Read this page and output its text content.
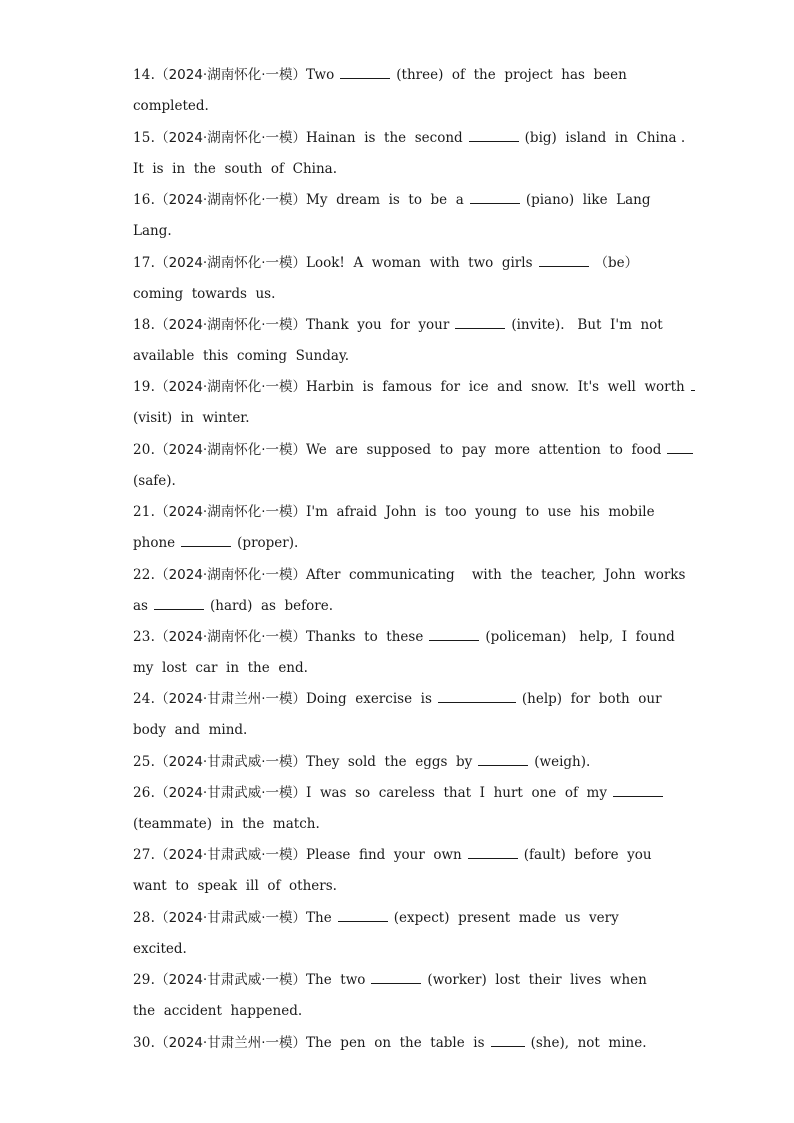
14.（2024·湖南怀化·一模）Two	(three)  of  the  project  has  been
completed.
15.（2024·湖南怀化·一模）Hainan  is  the  second	(big)  island  in  China .
It  is  in  the  south  of  China.
16.（2024·湖南怀化·一模）My  dream  is  to  be  a	(piano)  like  Lang
Lang.
17.（2024·湖南怀化·一模）Look!  A  woman  with  two  girls	（be）
coming  towards  us.
18.（2024·湖南怀化·一模）Thank  you  for  your	(invite).   But  I'm  not
available  this  coming  Sunday.
19.（2024·湖南怀化·一模）Harbin  is  famous  for  ice  and  snow.  It's  well  worth
(visit)  in  winter.
20.（2024·湖南怀化·一模）We  are  supposed  to  pay  more  attention  to  food
(safe).
21.（2024·湖南怀化·一模）I'm  afraid  John  is  too  young  to  use  his  mobile
phone	(proper).
22.（2024·湖南怀化·一模）After  communicating    with  the  teacher,  John  works
as	(hard)  as  before.
23.（2024·湖南怀化·一模）Thanks  to  these	(policeman)   help,  I  found
my  lost  car  in  the  end.
24.（2024·甘肃兰州·一模）Doing  exercise  is	(help)  for  both  our
body  and  mind.
25.（2024·甘肃武威·一模）They  sold  the  eggs  by	(weigh).
26.（2024·甘肃武威·一模）I  was  so  careless  that  I  hurt  one  of  my
(teammate)  in  the  match.
27.（2024·甘肃武威·一模）Please  find  your  own	(fault)  before  you
want  to  speak  ill  of  others.
28.（2024·甘肃武威·一模）The	(expect)  present  made  us  very
excited.
29.（2024·甘肃武威·一模）The  two	(worker)  lost  their  lives  when
the  accident  happened.
30.（2024·甘肃兰州·一模）The  pen  on  the  table  is	(she),  not  mine.
